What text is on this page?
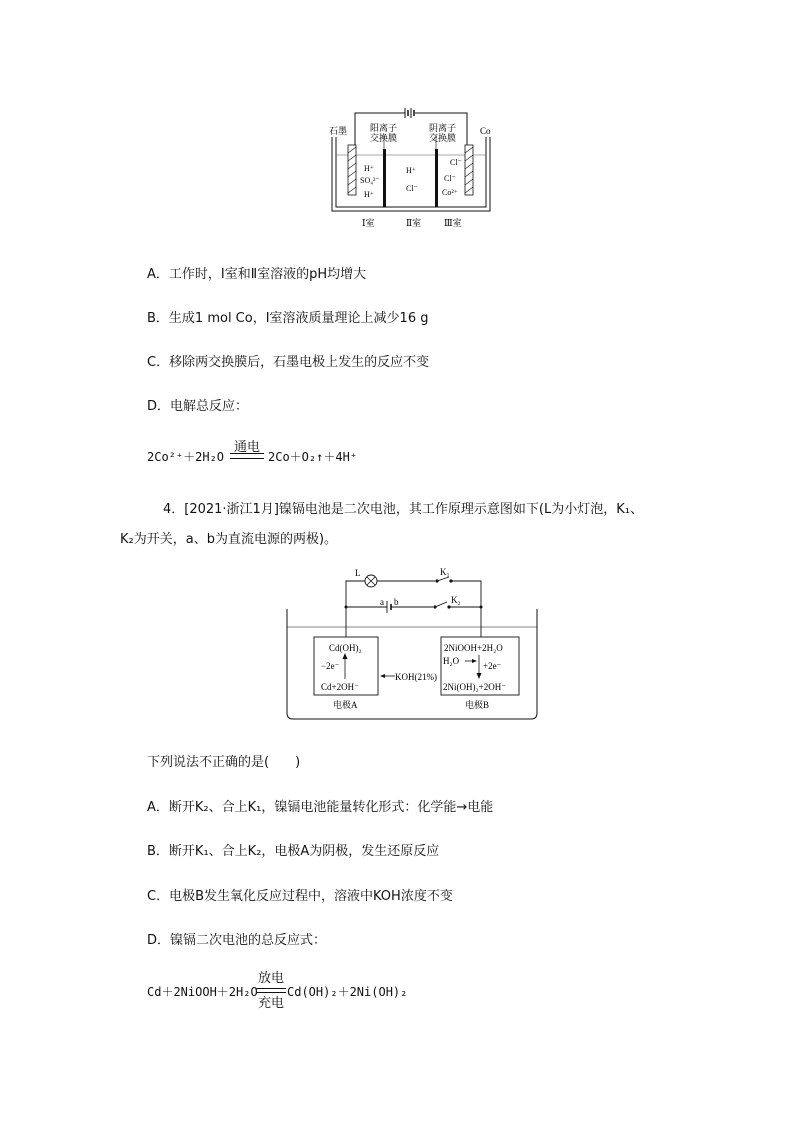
石墨	Co
阳离子
交换膜
阴离子
交换膜
H⁺
SO₄²⁻
H⁺
H⁺
Cl⁻
Cl⁻
Cl⁻
Co²⁺
Ⅰ室	Ⅱ室	Ⅲ室
A．工作时，Ⅰ室和Ⅱ室溶液的pH均增大
B．生成1 mol Co，Ⅰ室溶液质量理论上减少16 g
C．移除两交换膜后，石墨电极上发生的反应不变
D．电解总反应：
2Co²⁺＋2H₂O
通电
2Co＋O₂↑＋4H⁺
4．[2021·浙江1月]镍镉电池是二次电池，其工作原理示意图如下(L为小灯泡，K₁、
K₂为开关，a、b为直流电源的两极)。
L	K₁
K₂
a b
Cd(OH)₂
−2e⁻
Cd+2OH⁻
2NiOOH+2H₂O
+2e⁻
2Ni(OH)₂+2OH⁻
H₂O
KOH(21%)
电极A	电极B
下列说法不正确的是(　　)
A．断开K₂、合上K₁，镍镉电池能量转化形式：化学能→电能
B．断开K₁、合上K₂，电极A为阴极，发生还原反应
C．电极B发生氧化反应过程中，溶液中KOH浓度不变
D．镍镉二次电池的总反应式：
Cd＋2NiOOH＋2H₂O
放电
充电
Cd(OH)₂＋2Ni(OH)₂
